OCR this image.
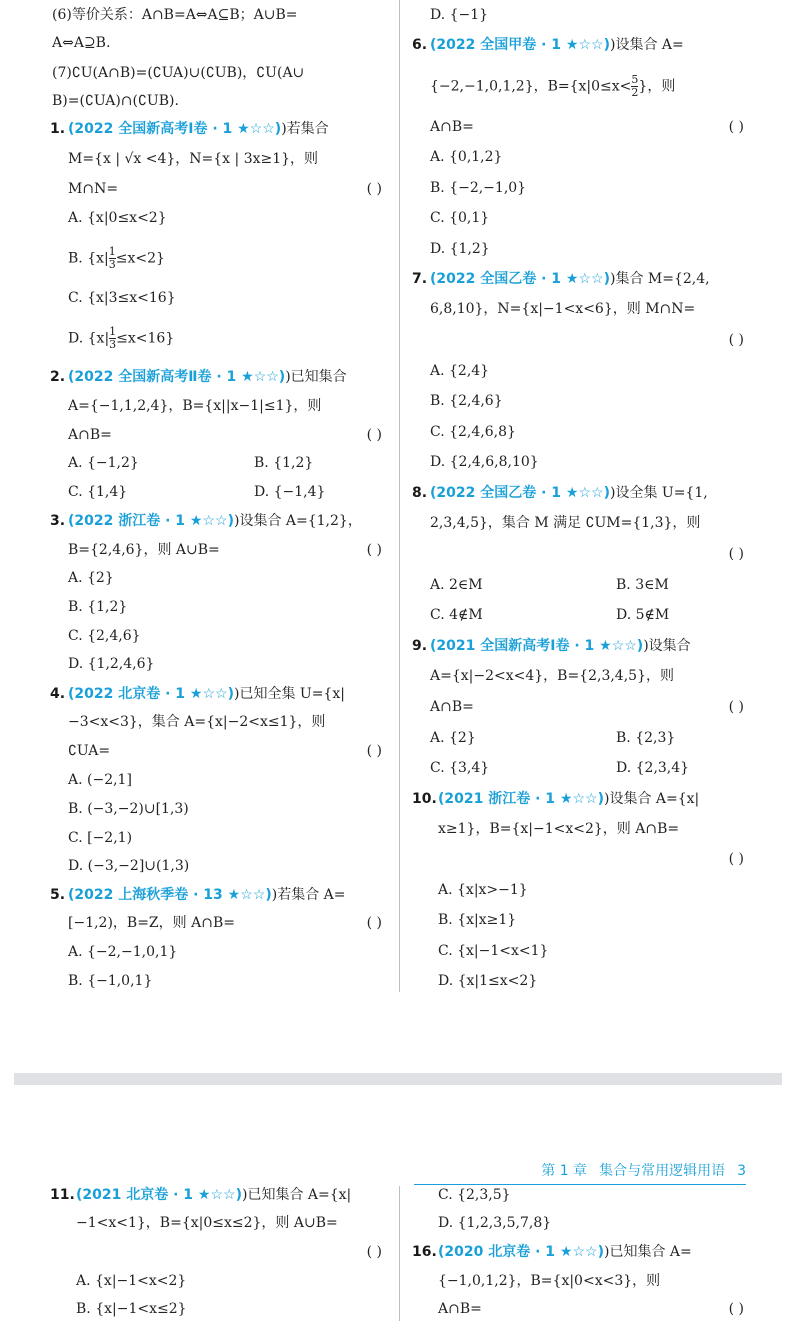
(6)等价关系：A∩B=A⇔A⊆B；A∪B=
A⇔A⊇B.
(7)∁U(A∩B)=(∁UA)∪(∁UB)，∁U(A∪
B)=(∁UA)∩(∁UB).
1. (2022 全国新高考Ⅰ卷 · 1 ★☆☆))若集合
M={x | √x <4}，N={x | 3x≥1}，则
M∩N=	( )
A. {x|0≤x<2}
B. $\{x| \frac{1}{3} \le x<2\}$
C. {x|3≤x<16}
D. $\{x| \frac{1}{3} \le x<16\}$
2. (2022 全国新高考Ⅱ卷 · 1 ★☆☆))已知集合
A={−1,1,2,4}，B={x||x−1|≤1}，则
A∩B=	( )
A. {−1,2}	B. {1,2}
C. {1,4}	D. {−1,4}
3. (2022 浙江卷 · 1 ★☆☆))设集合 A={1,2}，
B={2,4,6}，则 A∪B=	( )
A. {2}
B. {1,2}
C. {2,4,6}
D. {1,2,4,6}
4. (2022 北京卷 · 1 ★☆☆))已知全集 U={x|
−3<x<3}，集合 A={x|−2<x≤1}，则
∁UA=	( )
A. (−2,1]
B. (−3,−2)∪[1,3)
C. [−2,1)
D. (−3,−2]∪(1,3)
5. (2022 上海秋季卷 · 13 ★☆☆))若集合 A=
[−1,2)，B=Z，则 A∩B=	( )
A. {−2,−1,0,1}
B. {−1,0,1}
D. {−1}
6. (2022 全国甲卷 · 1 ★☆☆))设集合 A=
{−2,−1,0,1,2}，$B=\{x|0\le x< \frac{5}{2}$ }，则
A∩B=	( )
A. {0,1,2}
B. {−2,−1,0}
C. {0,1}
D. {1,2}
7. (2022 全国乙卷 · 1 ★☆☆))集合 M={2,4,
6,8,10}，N={x|−1<x<6}，则 M∩N=
( )
A. {2,4}
B. {2,4,6}
C. {2,4,6,8}
D. {2,4,6,8,10}
8. (2022 全国乙卷 · 1 ★☆☆))设全集 U={1,
2,3,4,5}，集合 M 满足 ∁UM={1,3}，则
( )
A. 2∈M	B. 3∈M
C. 4∉M	D. 5∉M
9. (2021 全国新高考Ⅰ卷 · 1 ★☆☆))设集合
A={x|−2<x<4}，B={2,3,4,5}，则
A∩B=	( )
A. {2}	B. {2,3}
C. {3,4}	D. {2,3,4}
10. (2021 浙江卷 · 1 ★☆☆))设集合 A={x|
x≥1}，B={x|−1<x<2}，则 A∩B=
( )
A. {x|x>−1}
B. {x|x≥1}
C. {x|−1<x<1}
D. {x|1≤x<2}
第 1 章 集合与常用逻辑用语 3
11. (2021 北京卷 · 1 ★☆☆))已知集合 A={x|
−1<x<1}，B={x|0≤x≤2}，则 A∪B=
( )
A. {x|−1<x<2}
B. {x|−1<x≤2}
C. {2,3,5}
D. {1,2,3,5,7,8}
16. (2020 北京卷 · 1 ★☆☆))已知集合 A=
{−1,0,1,2}，B={x|0<x<3}，则
A∩B=	( )
